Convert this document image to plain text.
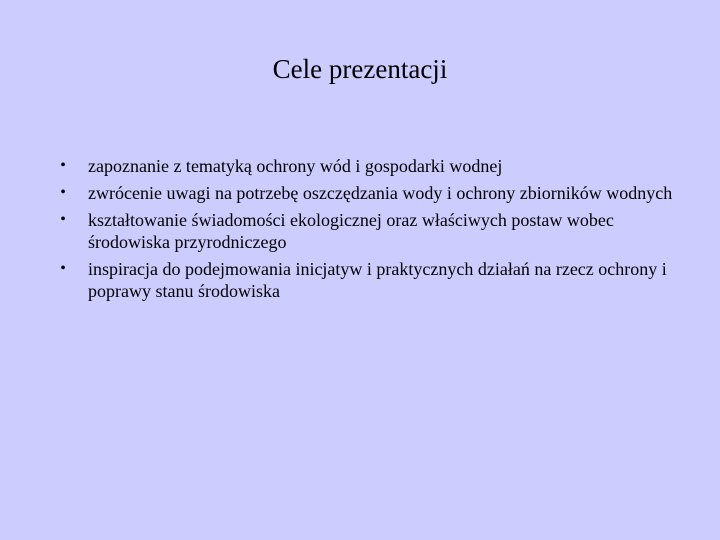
Cele prezentacji
• zapoznanie z tematyką ochrony wód i gospodarki wodnej
• zwrócenie uwagi na potrzebę oszczędzania wody i ochrony zbiorników wodnych
• kształtowanie świadomości ekologicznej oraz właściwych postaw wobec środowiska przyrodniczego
• inspiracja do podejmowania inicjatyw i praktycznych działań na rzecz ochrony i poprawy stanu środowiska
